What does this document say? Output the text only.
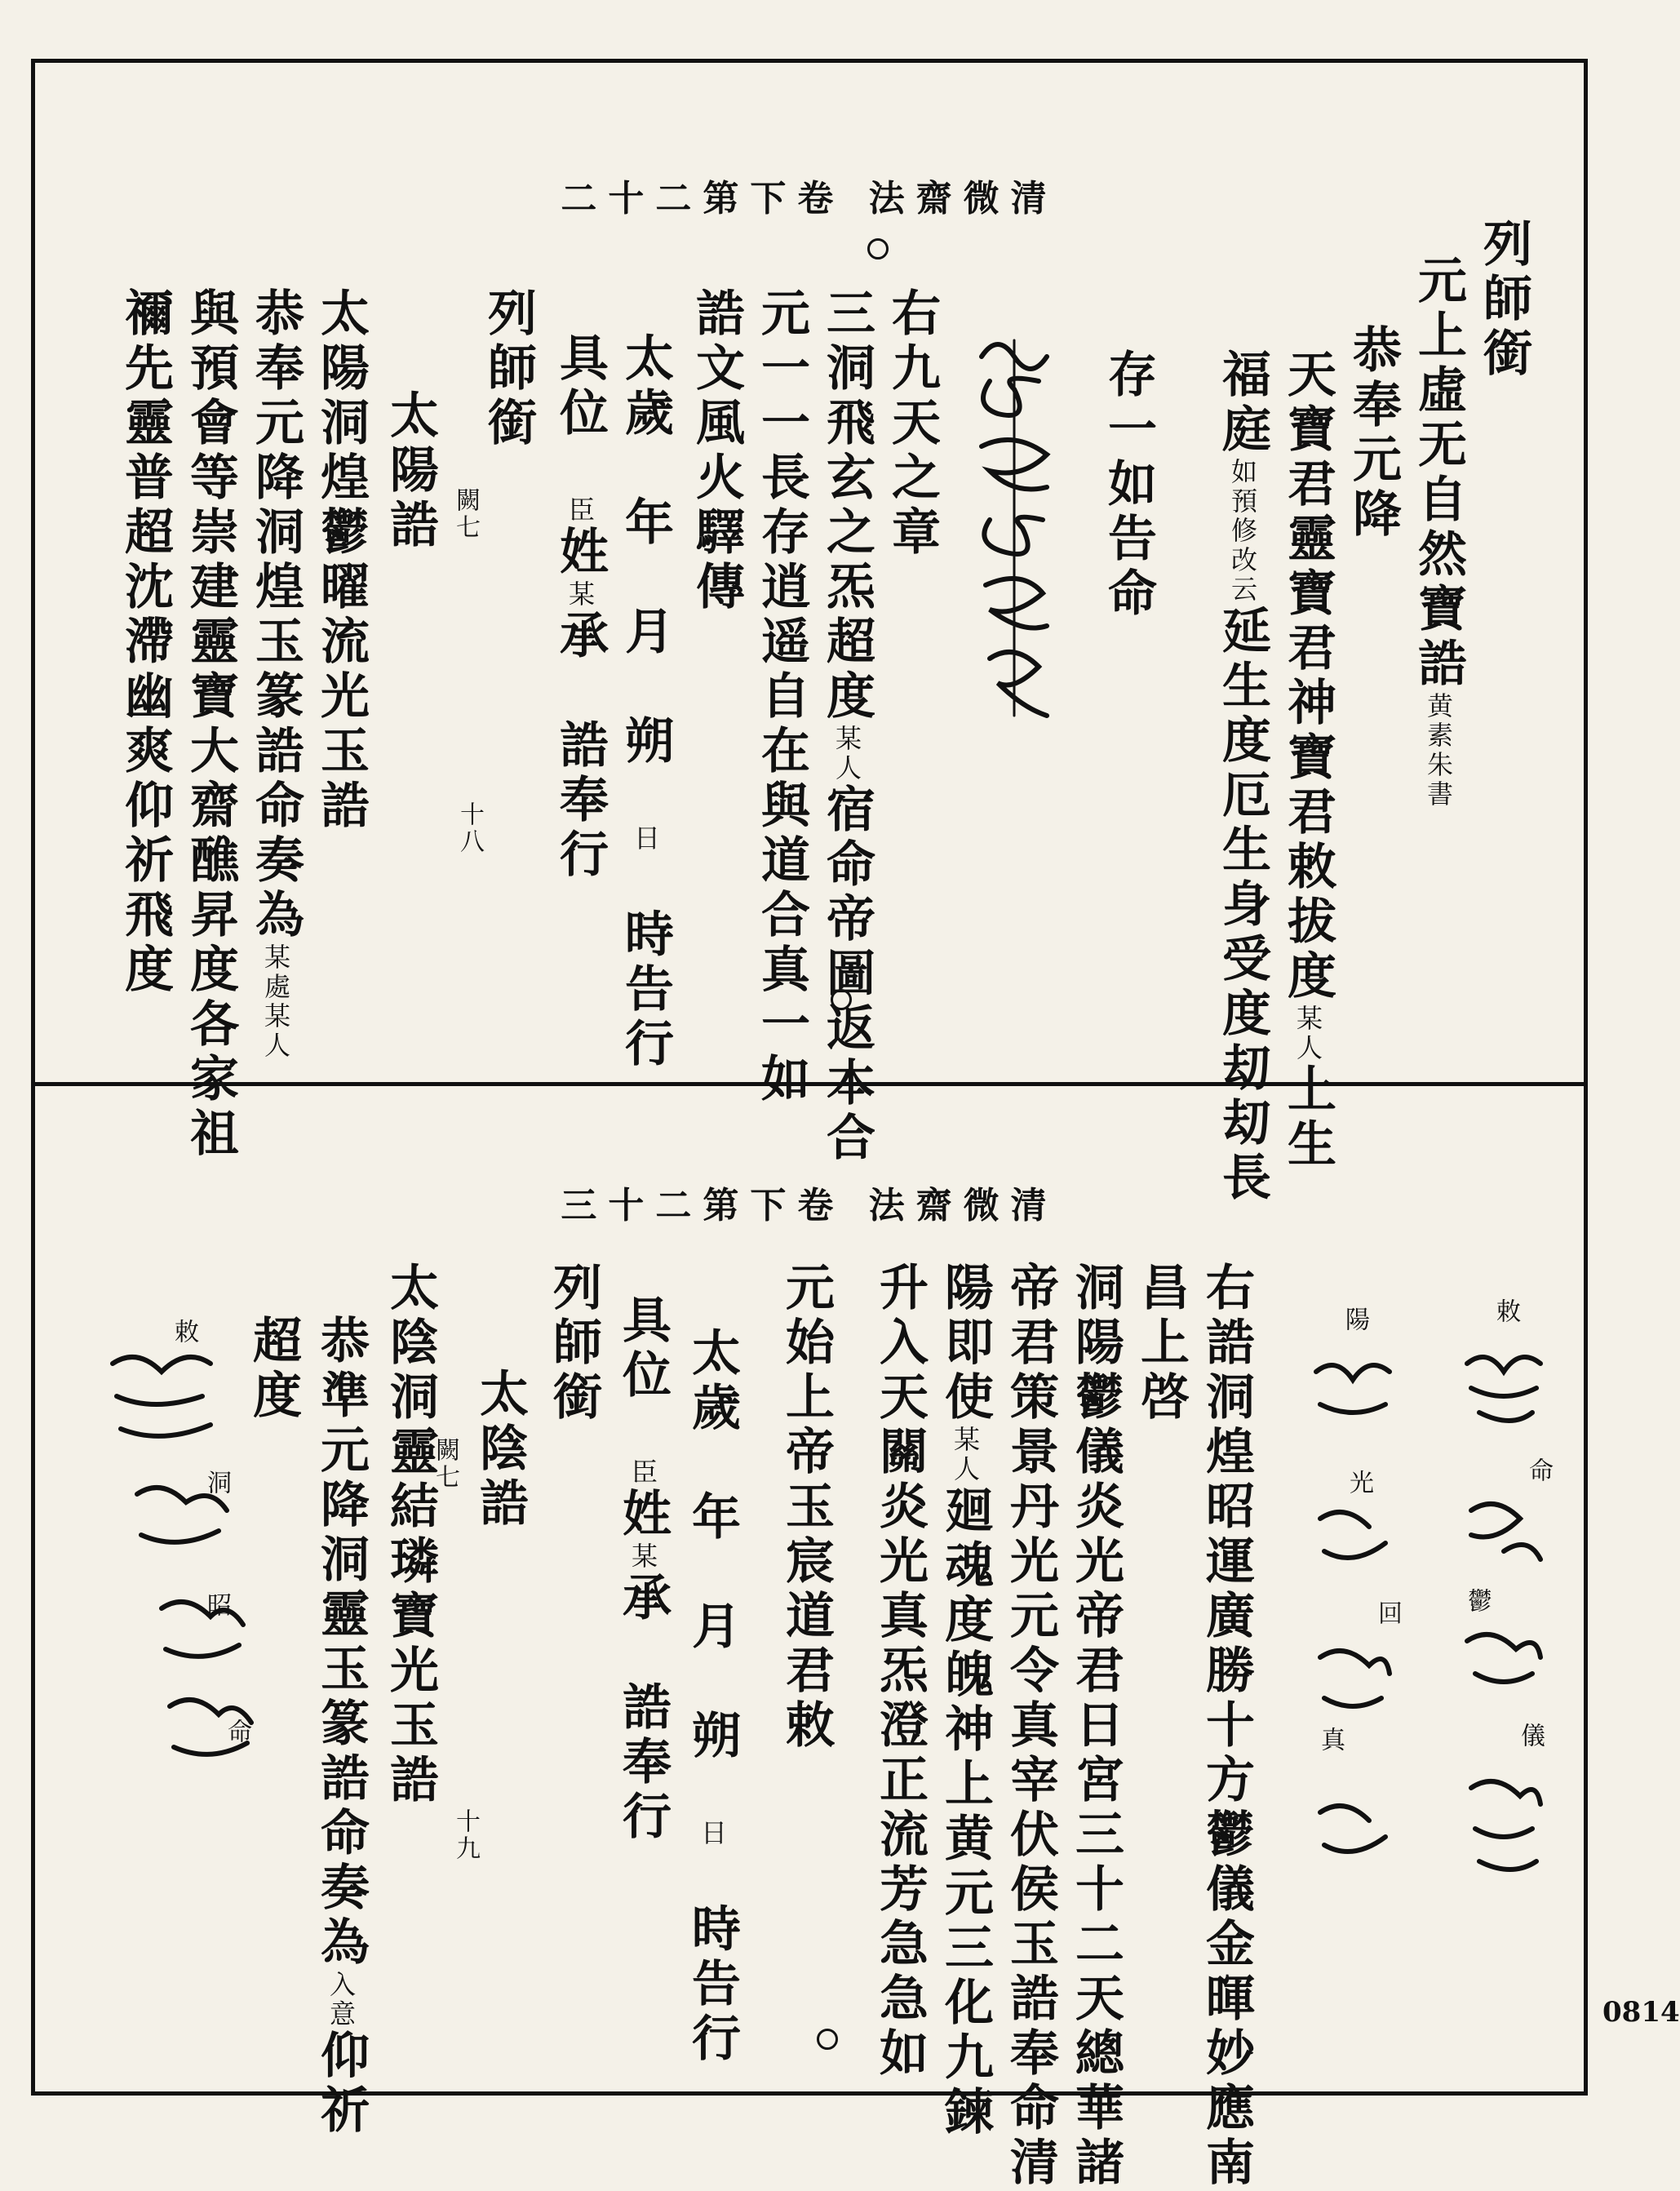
二十二第下卷 法齋微清
列師銜
元上虛无自然寶誥黄素朱書
恭奉元降
天寶君靈寶君神寶君敕拔度某人上生
福庭如預修改云延生度厄生身受度刧刧長
存一如告命
右九天之章
三洞飛玄之炁超度某人宿命帝圖返本合
元一一長存逍遥自在與道合真一如
誥文風火驛傳
太歲　年　月　朔　日　時告行
具位　臣姓某承　誥奉行
列師銜
闕七
十八
太陽誥
太陽洞煌鬱曜流光玉誥
恭奉元降洞煌玉篆誥命奏為某處某人
與預會等崇建靈寶大齋醮昇度各家祖
禰先靈普超沈滯幽爽仰祈飛度
三十二第下卷 法齋微清
敕
命
鬱
儀
陽
光
回
真
右誥洞煌昭運廣勝十方鬱儀金暉妙應南
昌上啓
洞陽鬱儀炎光帝君日宮三十二天總華諸
帝君策景丹光元令真宰伏侯玉誥奉命清
陽即使某人廻魂度魄神上黄元三化九鍊
升入天關炎光真炁澄正流芳急急如
元始上帝玉宸道君敕
太歲　年　月　朔　日　時告行
具位　臣姓某承　誥奉行
列師銜
闕七
十九
太陰誥
太陰洞靈結璘寶光玉誥
恭準元降洞靈玉篆誥命奏為入意仰祈
超度
敕
洞
昭
命
0814
